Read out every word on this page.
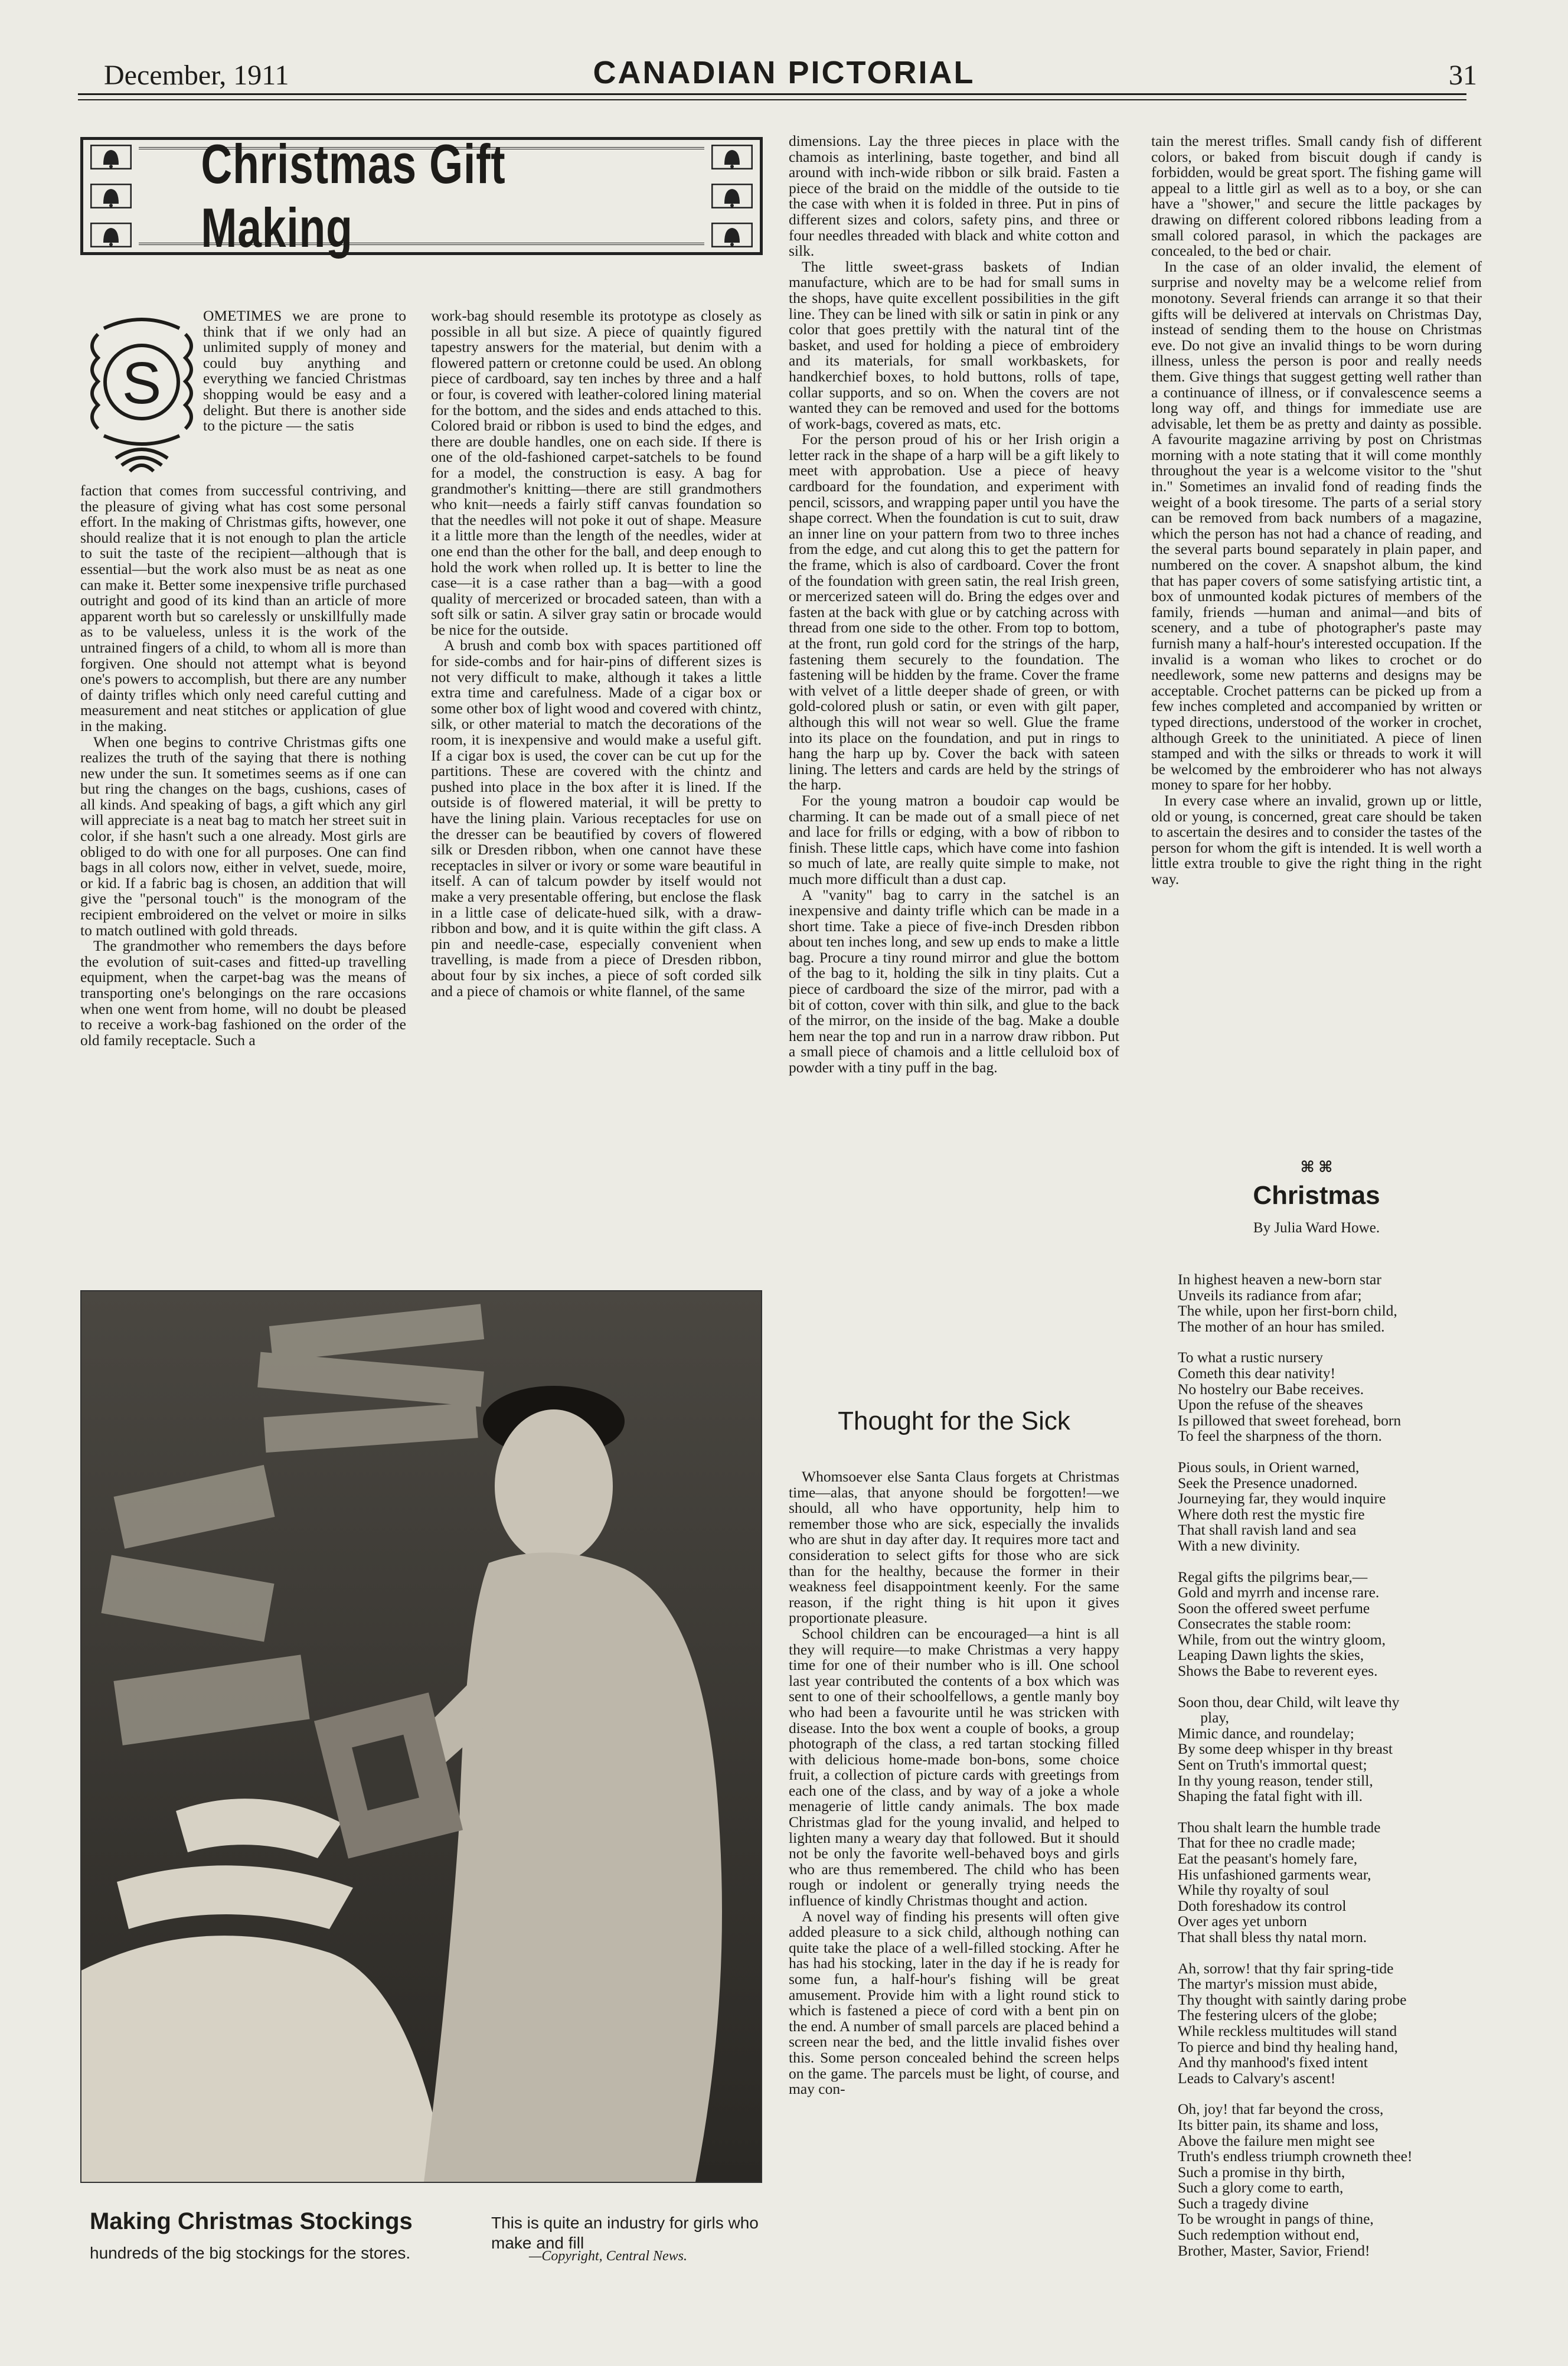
December, 1911	CANADIAN PICTORIAL	31
Christmas Gift Making
S

OMETIMES we are prone to think that if we only had an unlimited supply of money and could buy anything and everything we fancied Christmas shopping would be easy and a delight. But there is another side to the picture — the satis

faction that comes from successful contriving, and the pleasure of giving what has cost some personal effort. In the making of Christmas gifts, however, one should realize that it is not enough to plan the article to suit the taste of the recipient—although that is essential—but the work also must be as neat as one can make it. Better some inexpensive trifle purchased outright and good of its kind than an article of more apparent worth but so carelessly or unskillfully made as to be valueless, unless it is the work of the untrained fingers of a child, to whom all is more than forgiven. One should not attempt what is beyond one's powers to accomplish, but there are any number of dainty trifles which only need careful cutting and measurement and neat stitches or application of glue in the making.

When one begins to contrive Christmas gifts one realizes the truth of the saying that there is nothing new under the sun. It sometimes seems as if one can but ring the changes on the bags, cushions, cases of all kinds. And speaking of bags, a gift which any girl will appreciate is a neat bag to match her street suit in color, if she hasn't such a one already. Most girls are obliged to do with one for all purposes. One can find bags in all colors now, either in velvet, suede, moire, or kid. If a fabric bag is chosen, an addition that will give the "personal touch" is the monogram of the recipient embroidered on the velvet or moire in silks to match outlined with gold threads.

The grandmother who remembers the days before the evolution of suit-cases and fitted-up travelling equipment, when the carpet-bag was the means of transporting one's belongings on the rare occasions when one went from home, will no doubt be pleased to receive a work-bag fashioned on the order of the old family receptacle. Such a

work-bag should resemble its prototype as closely as possible in all but size. A piece of quaintly figured tapestry answers for the material, but denim with a flowered pattern or cretonne could be used. An oblong piece of cardboard, say ten inches by three and a half or four, is covered with leather-colored lining material for the bottom, and the sides and ends attached to this. Colored braid or ribbon is used to bind the edges, and there are double handles, one on each side. If there is one of the old-fashioned carpet-satchels to be found for a model, the construction is easy. A bag for grandmother's knitting—there are still grandmothers who knit—needs a fairly stiff canvas foundation so that the needles will not poke it out of shape. Measure it a little more than the length of the needles, wider at one end than the other for the ball, and deep enough to hold the work when rolled up. It is better to line the case—it is a case rather than a bag—with a good quality of mercerized or brocaded sateen, than with a soft silk or satin. A silver gray satin or brocade would be nice for the outside.

A brush and comb box with spaces partitioned off for side-combs and for hair-pins of different sizes is not very difficult to make, although it takes a little extra time and carefulness. Made of a cigar box or some other box of light wood and covered with chintz, silk, or other material to match the decorations of the room, it is inexpensive and would make a useful gift. If a cigar box is used, the cover can be cut up for the partitions. These are covered with the chintz and pushed into place in the box after it is lined. If the outside is of flowered material, it will be pretty to have the lining plain. Various receptacles for use on the dresser can be beautified by covers of flowered silk or Dresden ribbon, when one cannot have these receptacles in silver or ivory or some ware beautiful in itself. A can of talcum powder by itself would not make a very presentable offering, but enclose the flask in a little case of delicate-hued silk, with a draw-ribbon and bow, and it is quite within the gift class. A pin and needle-case, especially convenient when travelling, is made from a piece of Dresden ribbon, about four by six inches, a piece of soft corded silk and a piece of chamois or white flannel, of the same

Making Christmas Stockings	This is quite an industry for girls who make and fill
hundreds of the big stockings for the stores.	—Copyright, Central News.

dimensions. Lay the three pieces in place with the chamois as interlining, baste together, and bind all around with inch-wide ribbon or silk braid. Fasten a piece of the braid on the middle of the outside to tie the case with when it is folded in three. Put in pins of different sizes and colors, safety pins, and three or four needles threaded with black and white cotton and silk.

The little sweet-grass baskets of Indian manufacture, which are to be had for small sums in the shops, have quite excellent possibilities in the gift line. They can be lined with silk or satin in pink or any color that goes prettily with the natural tint of the basket, and used for holding a piece of embroidery and its materials, for small workbaskets, for handkerchief boxes, to hold buttons, rolls of tape, collar supports, and so on. When the covers are not wanted they can be removed and used for the bottoms of work-bags, covered as mats, etc.

For the person proud of his or her Irish origin a letter rack in the shape of a harp will be a gift likely to meet with approbation. Use a piece of heavy cardboard for the foundation, and experiment with pencil, scissors, and wrapping paper until you have the shape correct. When the foundation is cut to suit, draw an inner line on your pattern from two to three inches from the edge, and cut along this to get the pattern for the frame, which is also of cardboard. Cover the front of the foundation with green satin, the real Irish green, or mercerized sateen will do. Bring the edges over and fasten at the back with glue or by catching across with thread from one side to the other. From top to bottom, at the front, run gold cord for the strings of the harp, fastening them securely to the foundation. The fastening will be hidden by the frame. Cover the frame with velvet of a little deeper shade of green, or with gold-colored plush or satin, or even with gilt paper, although this will not wear so well. Glue the frame into its place on the foundation, and put in rings to hang the harp up by. Cover the back with sateen lining. The letters and cards are held by the strings of the harp.

For the young matron a boudoir cap would be charming. It can be made out of a small piece of net and lace for frills or edging, with a bow of ribbon to finish. These little caps, which have come into fashion so much of late, are really quite simple to make, not much more difficult than a dust cap.

A "vanity" bag to carry in the satchel is an inexpensive and dainty trifle which can be made in a short time. Take a piece of five-inch Dresden ribbon about ten inches long, and sew up ends to make a little bag. Procure a tiny round mirror and glue the bottom of the bag to it, holding the silk in tiny plaits. Cut a piece of cardboard the size of the mirror, pad with a bit of cotton, cover with thin silk, and glue to the back of the mirror, on the inside of the bag. Make a double hem near the top and run in a narrow draw ribbon. Put a small piece of chamois and a little celluloid box of powder with a tiny puff in the bag.

Thought for the Sick

Whomsoever else Santa Claus forgets at Christmas time—alas, that anyone should be forgotten!—we should, all who have opportunity, help him to remember those who are sick, especially the invalids who are shut in day after day. It requires more tact and consideration to select gifts for those who are sick than for the healthy, because the former in their weakness feel disappointment keenly. For the same reason, if the right thing is hit upon it gives proportionate pleasure.

School children can be encouraged—a hint is all they will require—to make Christmas a very happy time for one of their number who is ill. One school last year contributed the contents of a box which was sent to one of their schoolfellows, a gentle manly boy who had been a favourite until he was stricken with disease. Into the box went a couple of books, a group photograph of the class, a red tartan stocking filled with delicious home-made bon-bons, some choice fruit, a collection of picture cards with greetings from each one of the class, and by way of a joke a whole menagerie of little candy animals. The box made Christmas glad for the young invalid, and helped to lighten many a weary day that followed. But it should not be only the favorite well-behaved boys and girls who are thus remembered. The child who has been rough or indolent or generally trying needs the influence of kindly Christmas thought and action.

A novel way of finding his presents will often give added pleasure to a sick child, although nothing can quite take the place of a well-filled stocking. After he has had his stocking, later in the day if he is ready for some fun, a half-hour's fishing will be great amusement. Provide him with a light round stick to which is fastened a piece of cord with a bent pin on the end. A number of small parcels are placed behind a screen near the bed, and the little invalid fishes over this. Some person concealed behind the screen helps on the game. The parcels must be light, of course, and may con-

tain the merest trifles. Small candy fish of different colors, or baked from biscuit dough if candy is forbidden, would be great sport. The fishing game will appeal to a little girl as well as to a boy, or she can have a "shower," and secure the little packages by drawing on different colored ribbons leading from a small colored parasol, in which the packages are concealed, to the bed or chair.

In the case of an older invalid, the element of surprise and novelty may be a welcome relief from monotony. Several friends can arrange it so that their gifts will be delivered at intervals on Christmas Day, instead of sending them to the house on Christmas eve. Do not give an invalid things to be worn during illness, unless the person is poor and really needs them. Give things that suggest getting well rather than a continuance of illness, or if convalescence seems a long way off, and things for immediate use are advisable, let them be as pretty and dainty as possible. A favourite magazine arriving by post on Christmas morning with a note stating that it will come monthly throughout the year is a welcome visitor to the "shut in." Sometimes an invalid fond of reading finds the weight of a book tiresome. The parts of a serial story can be removed from back numbers of a magazine, which the person has not had a chance of reading, and the several parts bound separately in plain paper, and numbered on the cover. A snapshot album, the kind that has paper covers of some satisfying artistic tint, a box of unmounted kodak pictures of members of the family, friends —human and animal—and bits of scenery, and a tube of photographer's paste may furnish many a half-hour's interested occupation. If the invalid is a woman who likes to crochet or do needlework, some new patterns and designs may be acceptable. Crochet patterns can be picked up from a few inches completed and accompanied by written or typed directions, understood of the worker in crochet, although Greek to the uninitiated. A piece of linen stamped and with the silks or threads to work it will be welcomed by the embroiderer who has not always money to spare for her hobby.

In every case where an invalid, grown up or little, old or young, is concerned, great care should be taken to ascertain the desires and to consider the tastes of the person for whom the gift is intended. It is well worth a little extra trouble to give the right thing in the right way.

⌘ ⌘
Christmas
By Julia Ward Howe.
In highest heaven a new-born star
Unveils its radiance from afar;
The while, upon her first-born child,
The mother of an hour has smiled.
To what a rustic nursery
Cometh this dear nativity!
No hostelry our Babe receives.
Upon the refuse of the sheaves
Is pillowed that sweet forehead, born
To feel the sharpness of the thorn.
Pious souls, in Orient warned,
Seek the Presence unadorned.
Journeying far, they would inquire
Where doth rest the mystic fire
That shall ravish land and sea
With a new divinity.
Regal gifts the pilgrims bear,—
Gold and myrrh and incense rare.
Soon the offered sweet perfume
Consecrates the stable room:
While, from out the wintry gloom,
Leaping Dawn lights the skies,
Shows the Babe to reverent eyes.
Soon thou, dear Child, wilt leave thy
play,
Mimic dance, and roundelay;
By some deep whisper in thy breast
Sent on Truth's immortal quest;
In thy young reason, tender still,
Shaping the fatal fight with ill.
Thou shalt learn the humble trade
That for thee no cradle made;
Eat the peasant's homely fare,
His unfashioned garments wear,
While thy royalty of soul
Doth foreshadow its control
Over ages yet unborn
That shall bless thy natal morn.
Ah, sorrow! that thy fair spring-tide
The martyr's mission must abide,
Thy thought with saintly daring probe
The festering ulcers of the globe;
While reckless multitudes will stand
To pierce and bind thy healing hand,
And thy manhood's fixed intent
Leads to Calvary's ascent!
Oh, joy! that far beyond the cross,
Its bitter pain, its shame and loss,
Above the failure men might see
Truth's endless triumph crowneth thee!
Such a promise in thy birth,
Such a glory come to earth,
Such a tragedy divine
To be wrought in pangs of thine,
Such redemption without end,
Brother, Master, Savior, Friend!
